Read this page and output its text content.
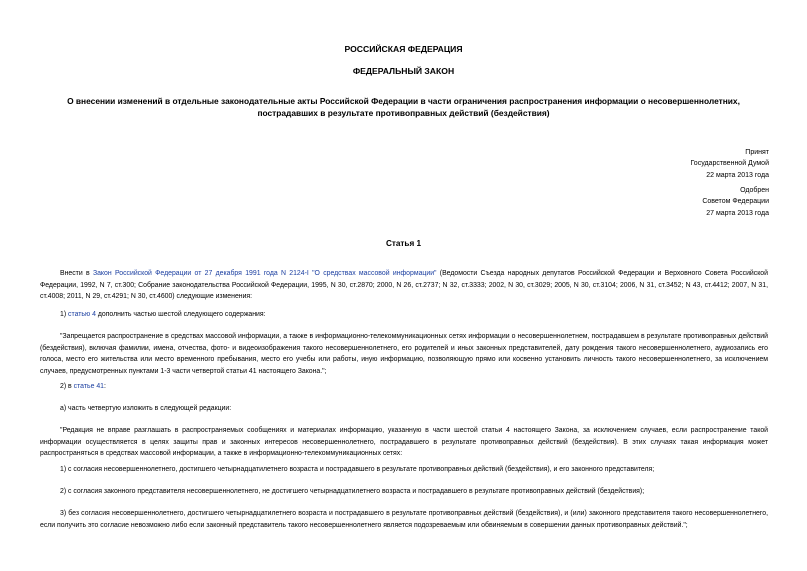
РОССИЙСКАЯ ФЕДЕРАЦИЯ
ФЕДЕРАЛЬНЫЙ ЗАКОН
О внесении изменений в отдельные законодательные акты Российской Федерации в части ограничения распространения информации о несовершеннолетних,
пострадавших в результате противоправных действий (бездействия)
Принят
Государственной Думой
22 марта 2013 года
Одобрен
Советом Федерации
27 марта 2013 года
Статья 1

Внести в Закон Российской Федерации от 27 декабря 1991 года N 2124-I "О средствах массовой информации" (Ведомости Съезда народных депутатов Российской Федерации и Верховного Совета Российской Федерации, 1992, N 7, ст.300; Собрание законодательства Российской Федерации, 1995, N 30, ст.2870; 2000, N 26, ст.2737; N 32, ст.3333; 2002, N 30, ст.3029; 2005, N 30, ст.3104; 2006, N 31, ст.3452; N 43, ст.4412; 2007, N 31, ст.4008; 2011, N 29, ст.4291; N 30, ст.4600) следующие изменения:

1) статью 4 дополнить частью шестой следующего содержания:

"Запрещается распространение в средствах массовой информации, а также в информационно-телекоммуникационных сетях информации о несовершеннолетнем, пострадавшем в результате противоправных действий (бездействия), включая фамилии, имена, отчества, фото- и видеоизображения такого несовершеннолетнего, его родителей и иных законных представителей, дату рождения такого несовершеннолетнего, аудиозапись его голоса, место его жительства или место временного пребывания, место его учебы или работы, иную информацию, позволяющую прямо или косвенно установить личность такого несовершеннолетнего, за исключением случаев, предусмотренных пунктами 1-3 части четвертой статьи 41 настоящего Закона.";

2) в статье 41:

а) часть четвертую изложить в следующей редакции:

"Редакция не вправе разглашать в распространяемых сообщениях и материалах информацию, указанную в части шестой статьи 4 настоящего Закона, за исключением случаев, если распространение такой информации осуществляется в целях защиты прав и законных интересов несовершеннолетнего, пострадавшего в результате противоправных действий (бездействия). В этих случаях такая информация может распространяться в средствах массовой информации, а также в информационно-телекоммуникационных сетях:

1) с согласия несовершеннолетнего, достигшего четырнадцатилетнего возраста и пострадавшего в результате противоправных действий (бездействия), и его законного представителя;

2) с согласия законного представителя несовершеннолетнего, не достигшего четырнадцатилетнего возраста и пострадавшего в результате противоправных действий (бездействия);

3) без согласия несовершеннолетнего, достигшего четырнадцатилетнего возраста и пострадавшего в результате противоправных действий (бездействия), и (или) законного представителя такого несовершеннолетнего, если получить это согласие невозможно либо если законный представитель такого несовершеннолетнего является подозреваемым или обвиняемым в совершении данных противоправных действий.";
